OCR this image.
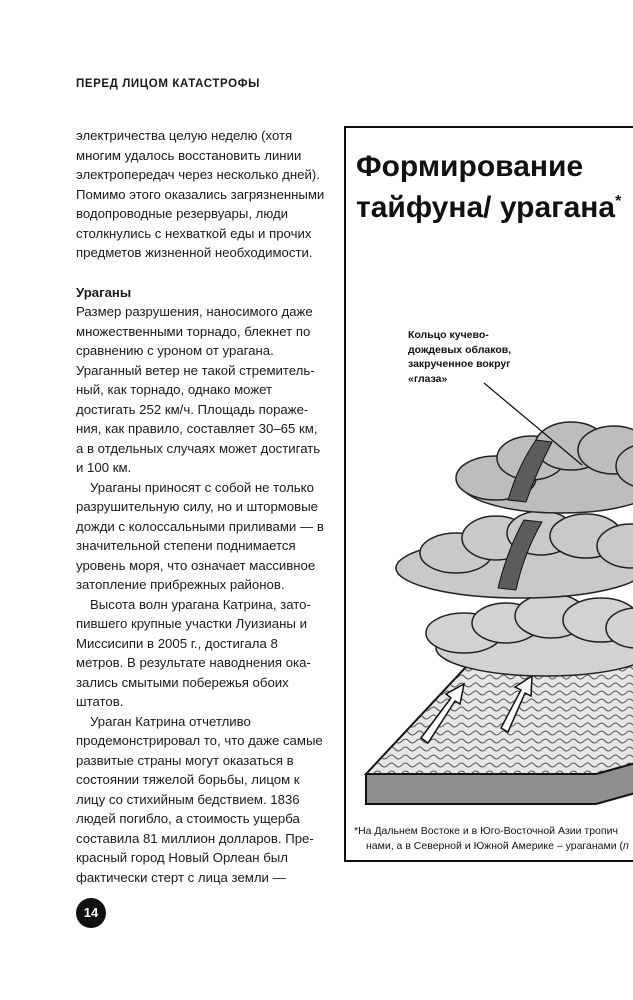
ПЕРЕД ЛИЦОМ КАТАСТРОФЫ

электричества целую неделю (хотя многим удалось восстановить линии электропередач через несколько дней). Помимо этого оказались загрязненными водопроводные резервуары, люди столкнулись с нехваткой еды и прочих предметов жизненной необходимости.

Ураганы

Размер разрушения, наносимого даже множественными торнадо, блекнет по сравнению с уроном от урагана. Ураганный ветер не такой стремительный, как торнадо, однако может достигать 252 км/ч. Площадь поражения, как правило, составляет 30–65 км, а в отдельных случаях может достигать и 100 км.

Ураганы приносят с собой не только разрушительную силу, но и штормовые дожди с колоссальными приливами — в значительной степени поднимается уровень моря, что означает массивное затопление прибрежных районов.

Высота волн урагана Катрина, затопившего крупные участки Луизианы и Миссисипи в 2005 г., достигала 8 метров. В результате наводнения оказались смытыми побережья обоих штатов.

Ураган Катрина отчетливо продемонстрировал то, что даже самые развитые страны могут оказаться в состоянии тяжелой борьбы, лицом к лицу со стихийным бедствием. 1836 людей погибло, а стоимость ущерба составила 81 миллион долларов. Прекрасный город Новый Орлеан был фактически стерт с лица земли —

14
Формирование тайфуна/ урагана*
Кольцо кучеводождевых облаков, закрученное вокруг «глаза»
*На Дальнем Востоке и в Юго-Восточной Азии тропич
нами, а в Северной и Южной Америке – ураганами (п
